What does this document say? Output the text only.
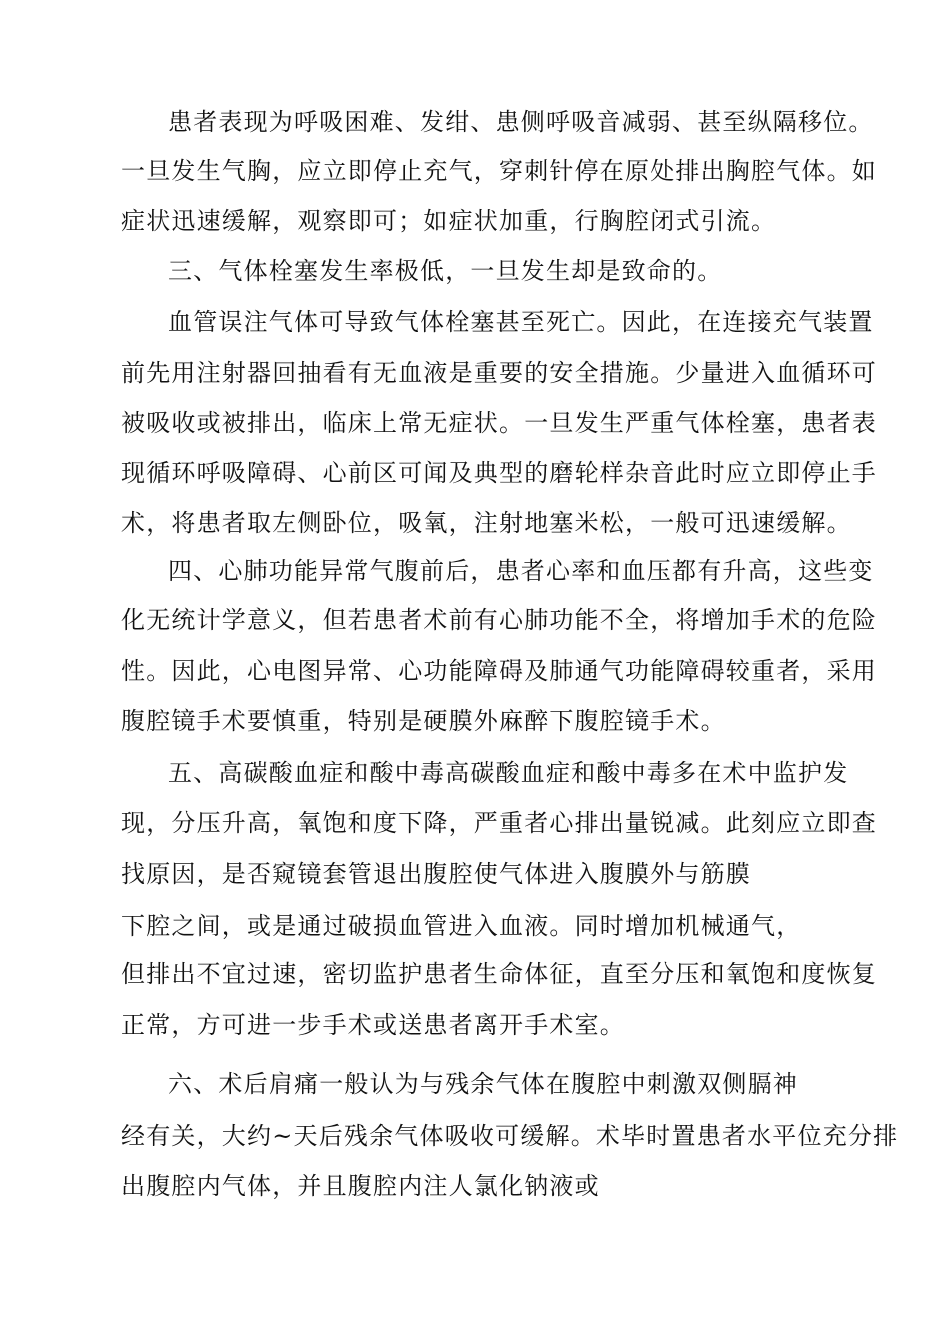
患者表现为呼吸困难、发绀、患侧呼吸音减弱、甚至纵隔移位。
一旦发生气胸，应立即停止充气，穿刺针停在原处排出胸腔气体。如
症状迅速缓解，观察即可；如症状加重，行胸腔闭式引流。
三、气体栓塞发生率极低，一旦发生却是致命的。
血管误注气体可导致气体栓塞甚至死亡。因此，在连接充气装置
前先用注射器回抽看有无血液是重要的安全措施。少量进入血循环可
被吸收或被排出，临床上常无症状。一旦发生严重气体栓塞，患者表
现循环呼吸障碍、心前区可闻及典型的磨轮样杂音此时应立即停止手
术，将患者取左侧卧位，吸氧，注射地塞米松，一般可迅速缓解。
四、心肺功能异常气腹前后，患者心率和血压都有升高，这些变
化无统计学意义，但若患者术前有心肺功能不全，将增加手术的危险
性。因此，心电图异常、心功能障碍及肺通气功能障碍较重者，采用
腹腔镜手术要慎重，特别是硬膜外麻醉下腹腔镜手术。
五、高碳酸血症和酸中毒高碳酸血症和酸中毒多在术中监护发
现，分压升高，氧饱和度下降，严重者心排出量锐减。此刻应立即查
找原因，是否窥镜套管退出腹腔使气体进入腹膜外与筋膜
下腔之间，或是通过破损血管进入血液。同时增加机械通气，
但排出不宜过速，密切监护患者生命体征，直至分压和氧饱和度恢复
正常，方可进一步手术或送患者离开手术室。
六、术后肩痛一般认为与残余气体在腹腔中刺激双侧膈神
经有关，大约~天后残余气体吸收可缓解。术毕时置患者水平位充分排
出腹腔内气体，并且腹腔内注人氯化钠液或
